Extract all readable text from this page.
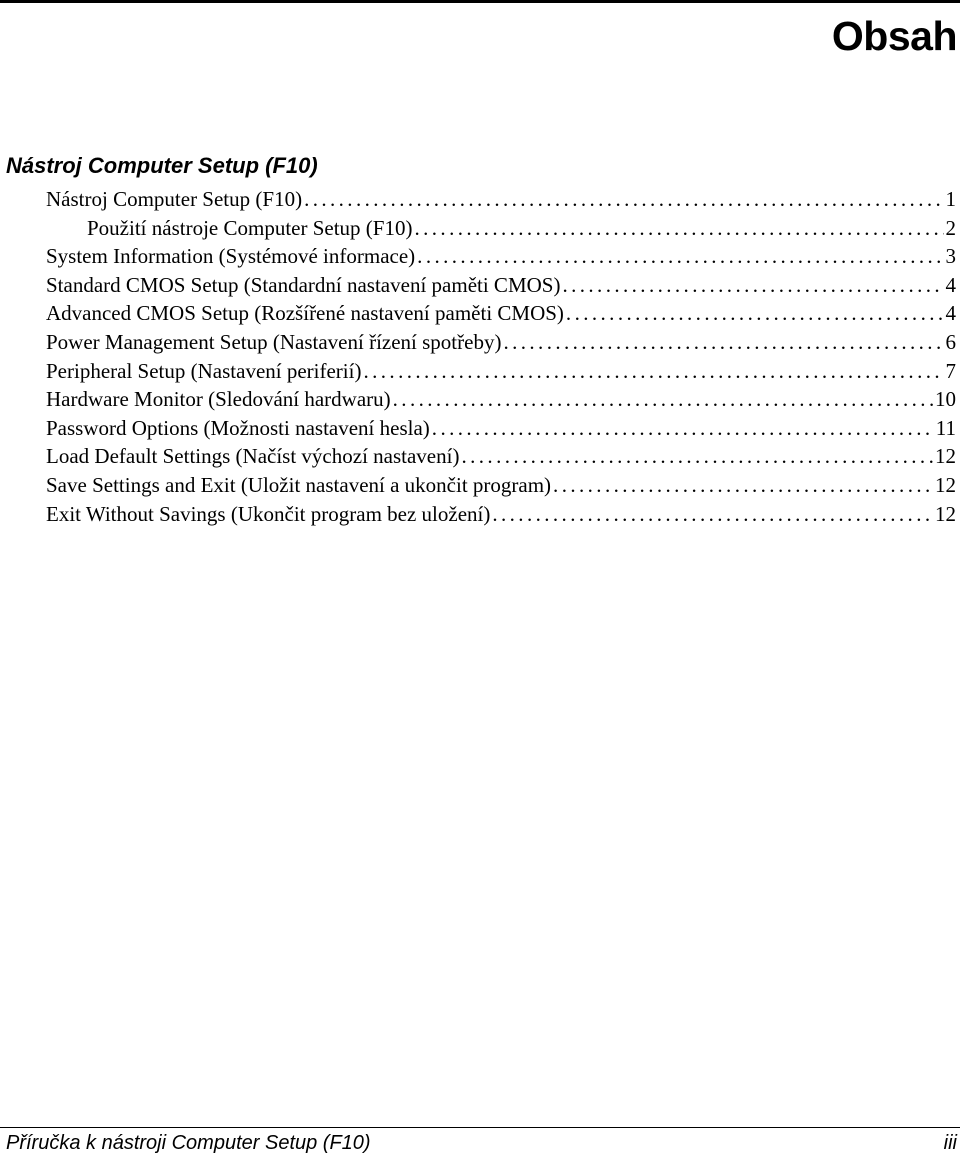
Obsah
Nástroj Computer Setup (F10)
Nástroj Computer Setup (F10) .....	1
Použití nástroje Computer Setup (F10) .....	2
System Information (Systémové informace) .....	3
Standard CMOS Setup (Standardní nastavení paměti CMOS) .....	4
Advanced CMOS Setup (Rozšířené nastavení paměti CMOS) .....	4
Power Management Setup (Nastavení řízení spotřeby) .....	6
Peripheral Setup (Nastavení periferií) .....	7
Hardware Monitor (Sledování hardwaru) .....	10
Password Options (Možnosti nastavení hesla) .....	11
Load Default Settings (Načíst výchozí nastavení) .....	12
Save Settings and Exit (Uložit nastavení a ukončit program) .....	12
Exit Without Savings (Ukončit program bez uložení) .....	12
Příručka k nástroji Computer Setup (F10)	iii
